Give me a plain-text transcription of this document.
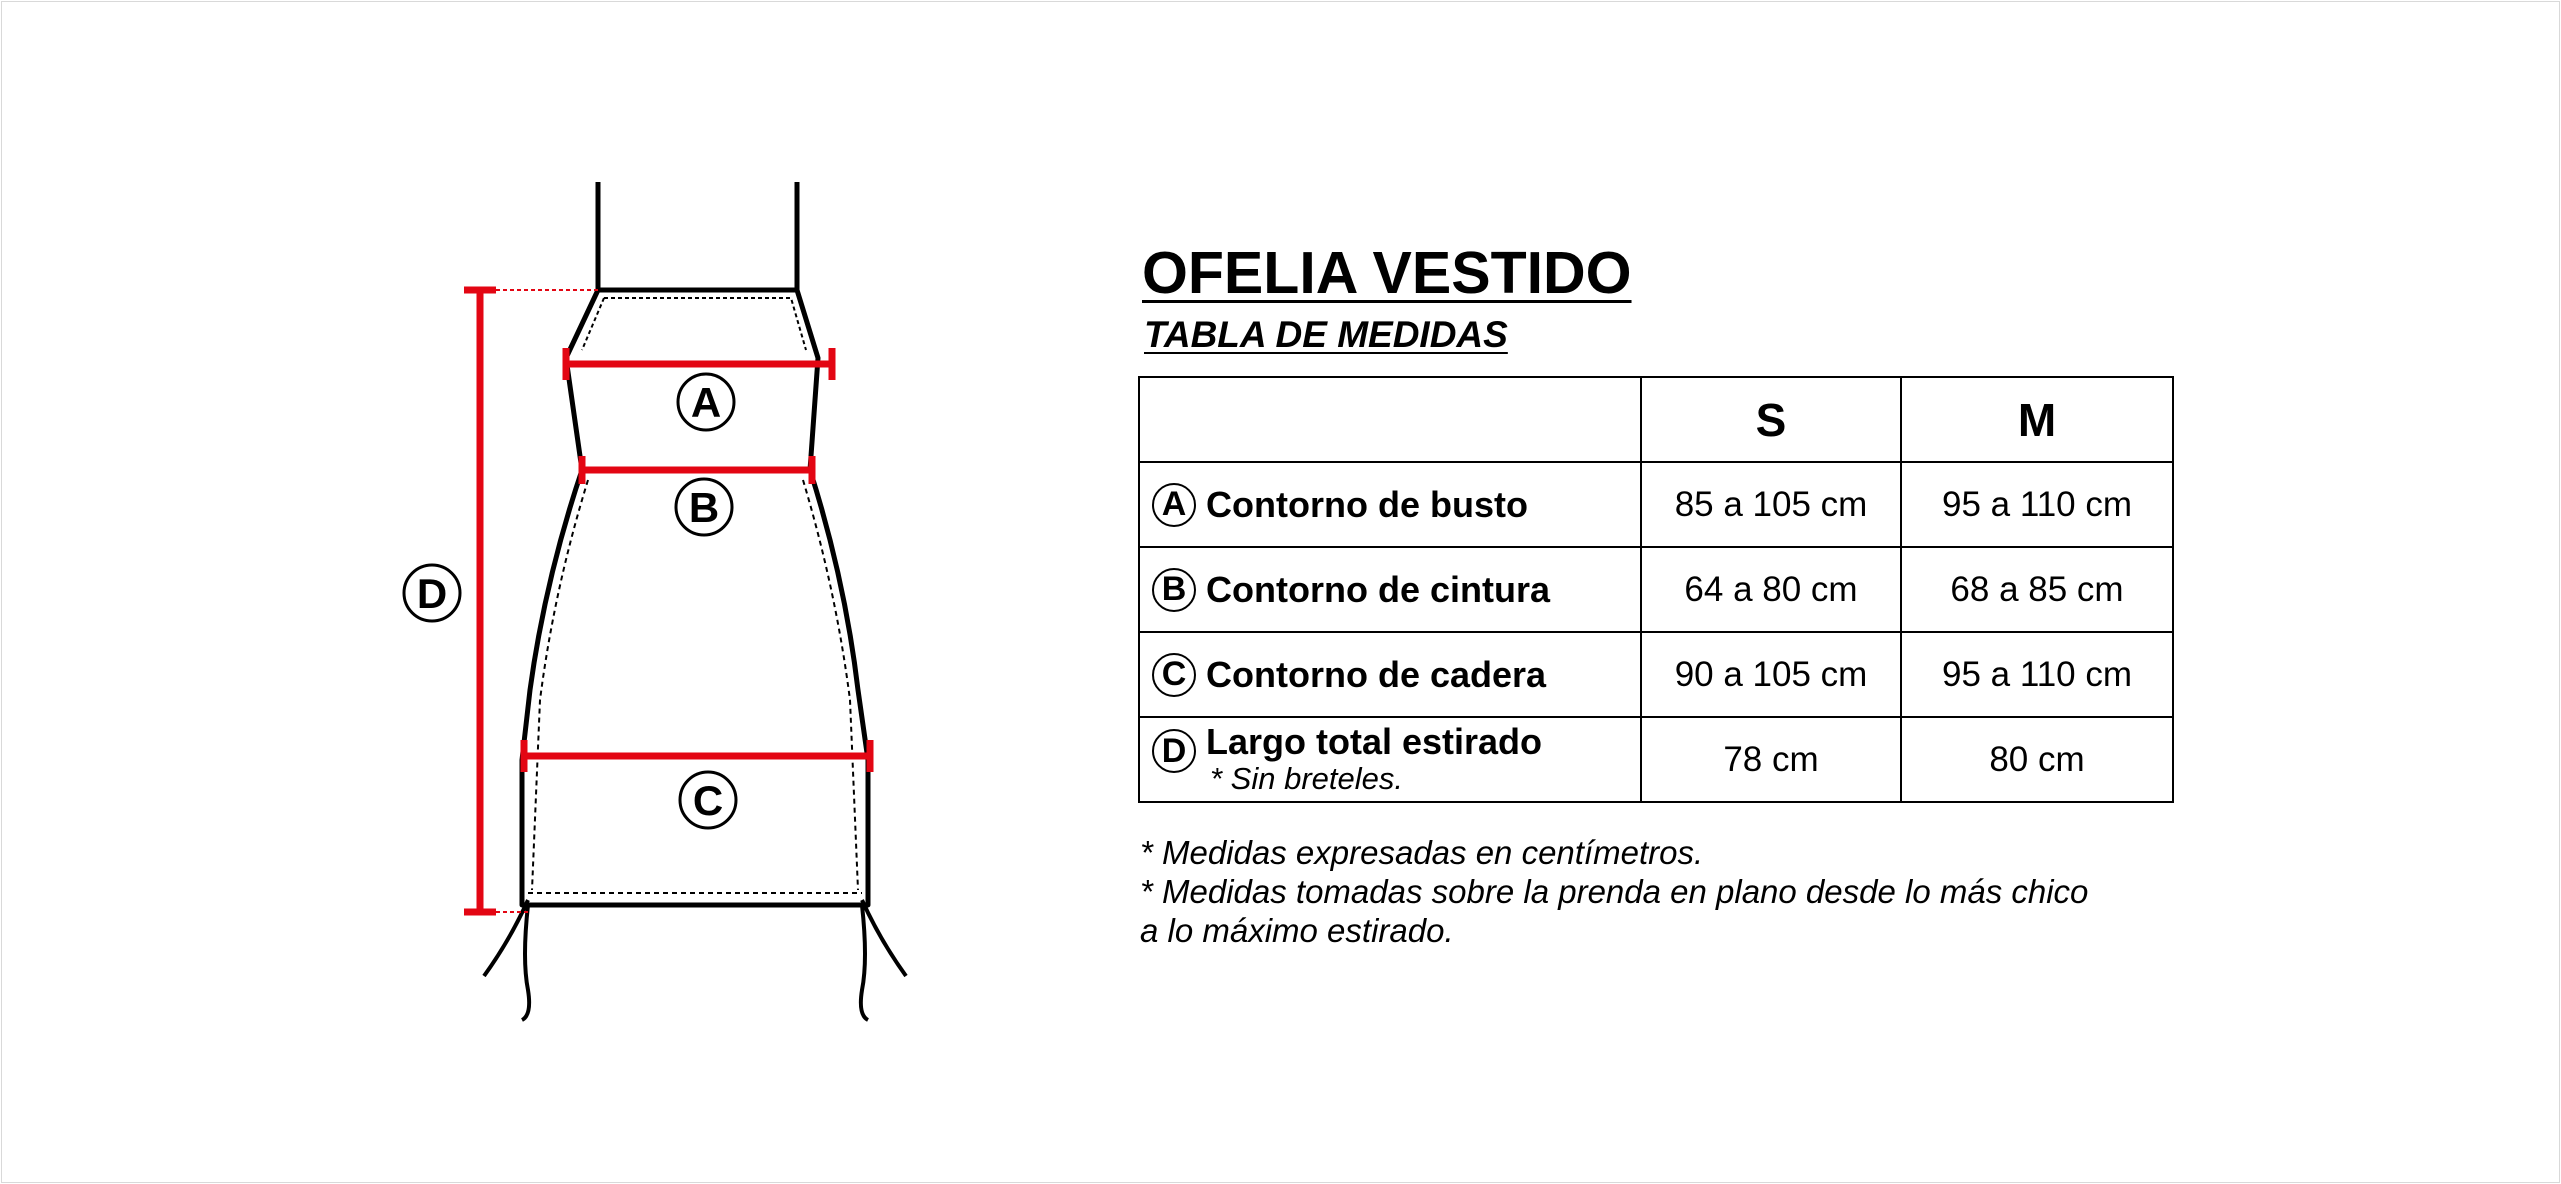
A
B
C
D
OFELIA VESTIDO
TABLA DE MEDIDAS
	S	M

A Contorno de busto	85 a 105 cm	95 a 110 cm

B Contorno de cintura	64 a 80 cm	68 a 85 cm

C Contorno de cadera	90 a 105 cm	95 a 110 cm

D Largo total estirado
* Sin breteles.	78 cm	80 cm
* Medidas expresadas en centímetros.
* Medidas tomadas sobre la prenda en plano desde lo más chico
a lo máximo estirado.
